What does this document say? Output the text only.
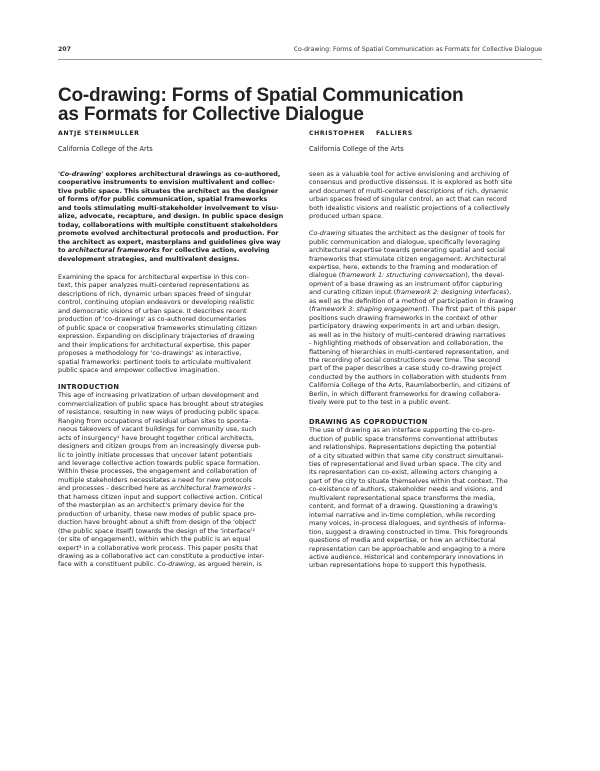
207	Co-drawing: Forms of Spatial Communication as Formats for Collective Dialogue
Co-drawing: Forms of Spatial Communication
as Formats for Collective Dialogue
ANTJE STEINMULLER
California College of the Arts
CHRISTOPHER    FALLIERS
California College of the Arts

'Co-drawing' explores architectural drawings as co-authored,
cooperative instruments to envision multivalent and collec-
tive public space. This situates the architect as the designer
of forms of/for public communication, spatial frameworks
and tools stimulating multi-stakeholder involvement to visu-
alize, advocate, recapture, and design. In public space design
today, collaborations with multiple constituent stakeholders
promote evolved architectural protocols and production. For
the architect as expert, masterplans and guidelines give way
to architectural frameworks for collective action, evolving
development strategies, and multivalent designs.

Examining the space for architectural expertise in this con-
text, this paper analyzes multi-centered representations as
descriptions of rich, dynamic urban spaces freed of singular
control, continuing utopian endeavors or developing realistic
and democratic visions of urban space. It describes recent
production of 'co-drawings' as co-authored documentaries
of public space or cooperative frameworks stimulating citizen
expression. Expanding on disciplinary trajectories of drawing
and their implications for architectural expertise, this paper
proposes a methodology for 'co-drawings' as interactive,
spatial frameworks: pertinent tools to articulate multivalent
public space and empower collective imagination.

INTRODUCTION

This age of increasing privatization of urban development and
commercialization of public space has brought about strategies
of resistance, resulting in new ways of producing public space.
Ranging from occupations of residual urban sites to sponta-
neous takeovers of vacant buildings for community use, such
acts of insurgency¹ have brought together critical architects,
designers and citizen groups from an increasingly diverse pub-
lic to jointly initiate processes that uncover latent potentials
and leverage collective action towards public space formation.
Within these processes, the engagement and collaboration of
multiple stakeholders necessitates a need for new protocols
and processes - described here as architectural frameworks -
that harness citizen input and support collective action. Critical
of the masterplan as an architect's primary device for the
production of urbanity, these new modes of public space pro-
duction have brought about a shift from design of the 'object'
(the public space itself) towards the design of the 'interface'²
(or site of engagement), within which the public is an equal
expert³ in a collaborative work process. This paper posits that
drawing as a collaborative act can constitute a productive inter-
face with a constituent public. Co-drawing, as argued herein, is

seen as a valuable tool for active envisioning and archiving of
consensus and productive dissensus. It is explored as both site
and document of multi-centered descriptions of rich, dynamic
urban spaces freed of singular control, an act that can record
both idealistic visions and realistic projections of a collectively
produced urban space.

Co-drawing situates the architect as the designer of tools for
public communication and dialogue, specifically leveraging
architectural expertise towards generating spatial and social
frameworks that stimulate citizen engagement. Architectural
expertise, here, extends to the framing and moderation of
dialogue (framework 1: structuring conversation), the devel-
opment of a base drawing as an instrument of/for capturing
and curating citizen input (framework 2: designing interfaces),
as well as the definition of a method of participation in drawing
(framework 3: shaping engagement). The first part of this paper
positions such drawing frameworks in the context of other
participatory drawing experiments in art and urban design,
as well as in the history of multi-centered drawing narratives
- highlighting methods of observation and collaboration, the
flattening of hierarchies in multi-centered representation, and
the recording of social constructions over time. The second
part of the paper describes a case study co-drawing project
conducted by the authors in collaboration with students from
California College of the Arts, Raumlaborberlin, and citizens of
Berlin, in which different frameworks for drawing collabora-
tively were put to the test in a public event.

DRAWING AS COPRODUCTION

The use of drawing as an interface supporting the co-pro-
duction of public space transforms conventional attributes
and relationships. Representations depicting the potential
of a city situated within that same city construct simultanei-
ties of representational and lived urban space. The city and
its representation can co-exist, allowing actors changing a
part of the city to situate themselves within that context. The
co-existence of authors, stakeholder needs and visions, and
multivalent representational space transforms the media,
content, and format of a drawing. Questioning a drawing's
internal narrative and in-time completion, while recording
many voices, in-process dialogues, and synthesis of informa-
tion, suggest a drawing constructed in time. This foregrounds
questions of media and expertise, or how an architectural
representation can be approachable and engaging to a more
active audience. Historical and contemporary innovations in
urban representations hope to support this hypothesis.
